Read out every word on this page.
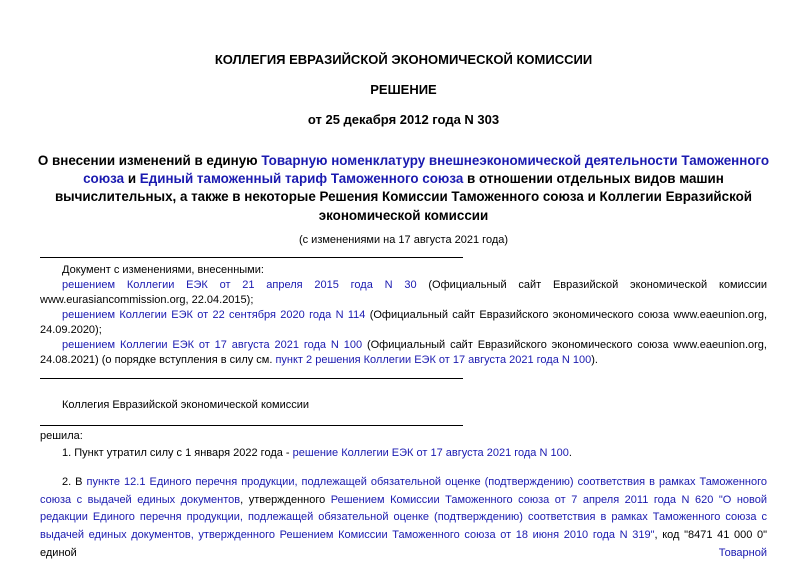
КОЛЛЕГИЯ ЕВРАЗИЙСКОЙ ЭКОНОМИЧЕСКОЙ КОМИССИИ
РЕШЕНИЕ
от 25 декабря 2012 года N 303
О внесении изменений в единую Товарную номенклатуру внешнеэкономической деятельности Таможенного союза и Единый таможенный тариф Таможенного союза в отношении отдельных видов машин вычислительных, а также в некоторые Решения Комиссии Таможенного союза и Коллегии Евразийской экономической комиссии
(с изменениями на 17 августа 2021 года)
Документ с изменениями, внесенными:
решением Коллегии ЕЭК от 21 апреля 2015 года N 30 (Официальный сайт Евразийской экономической комиссии www.eurasiancommission.org, 22.04.2015);
решением Коллегии ЕЭК от 22 сентября 2020 года N 114 (Официальный сайт Евразийского экономического союза www.eaeunion.org, 24.09.2020);
решением Коллегии ЕЭК от 17 августа 2021 года N 100 (Официальный сайт Евразийского экономического союза www.eaeunion.org, 24.08.2021) (о порядке вступления в силу см. пункт 2 решения Коллегии ЕЭК от 17 августа 2021 года N 100).
Коллегия Евразийской экономической комиссии
решила:
1. Пункт утратил силу с 1 января 2022 года - решение Коллегии ЕЭК от 17 августа 2021 года N 100.
2. В пункте 12.1 Единого перечня продукции, подлежащей обязательной оценке (подтверждению) соответствия в рамках Таможенного союза с выдачей единых документов, утвержденного Решением Комиссии Таможенного союза от 7 апреля 2011 года N 620 "О новой редакции Единого перечня продукции, подлежащей обязательной оценке (подтверждению) соответствия в рамках Таможенного союза с выдачей единых документов, утвержденного Решением Комиссии Таможенного союза от 18 июня 2010 года N 319", код "8471 41 000 0" единой Товарной
